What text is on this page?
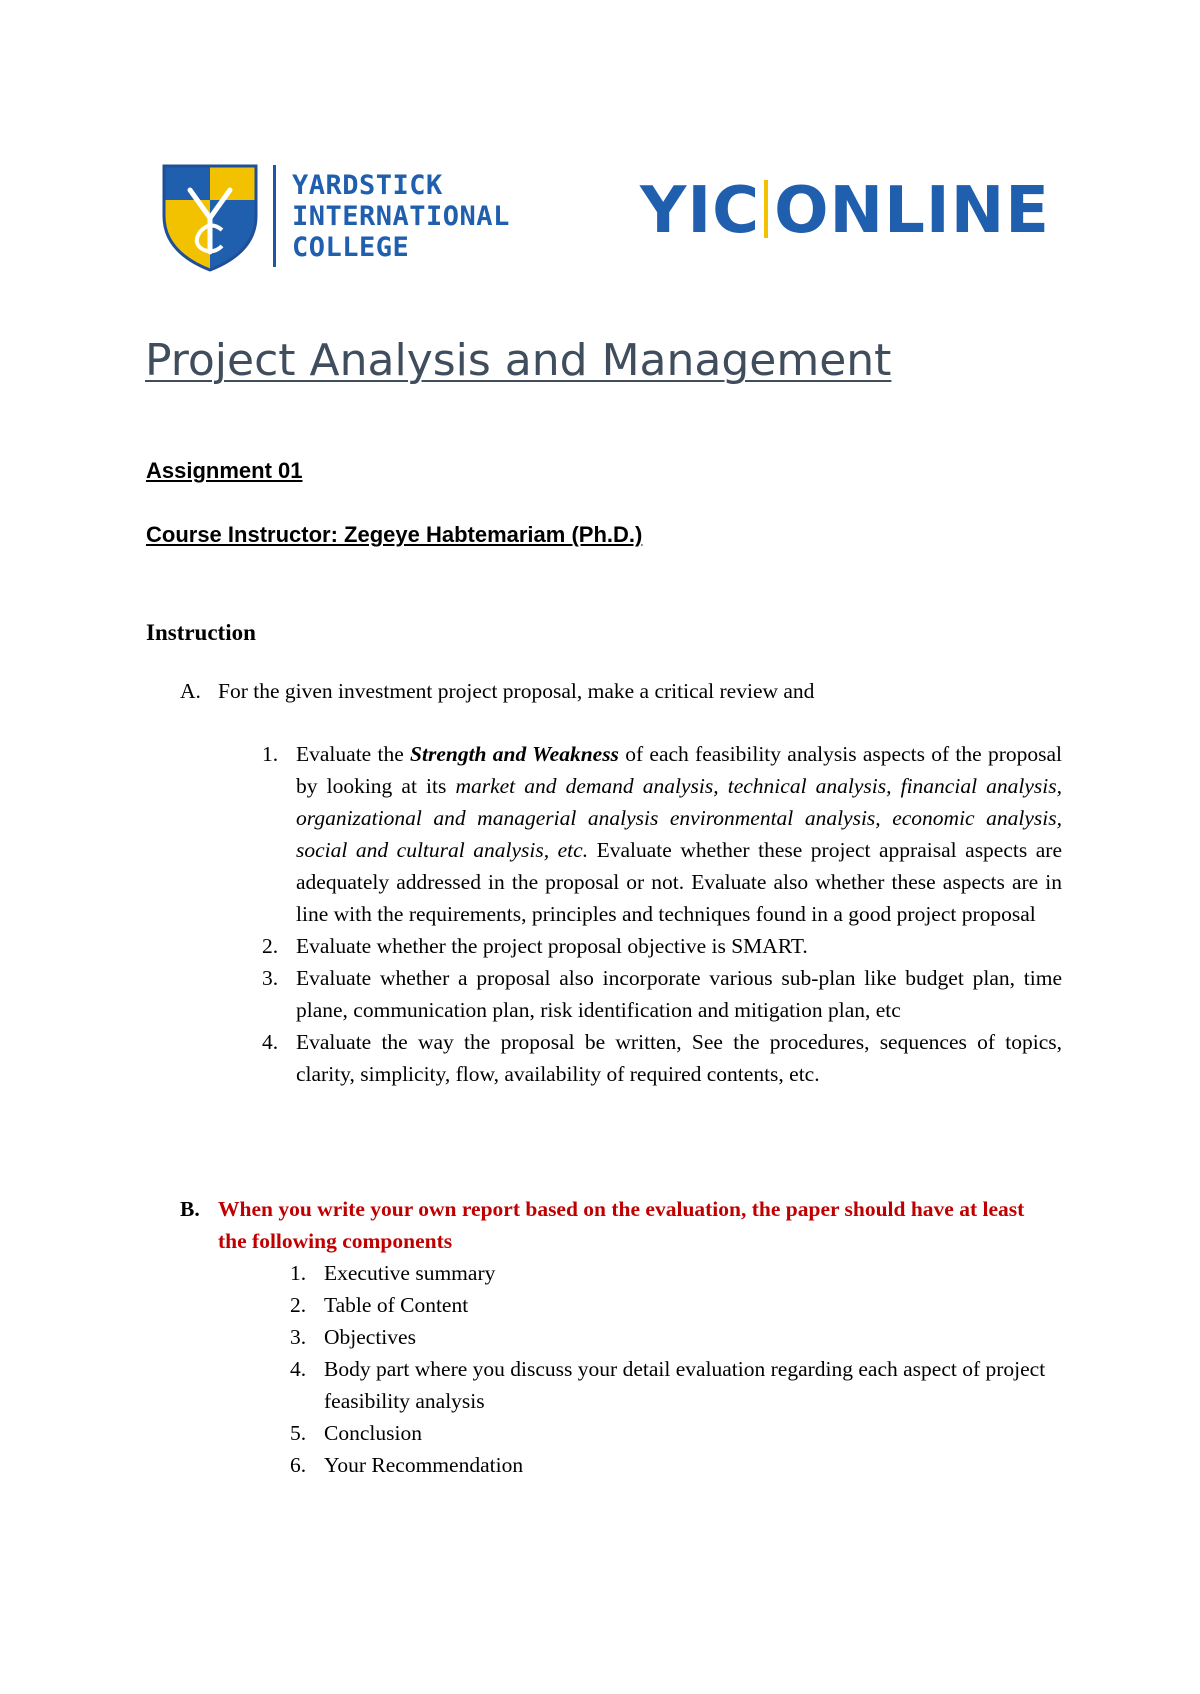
YARDSTICK
INTERNATIONAL
COLLEGE	YIC ONLINE
Project Analysis and Management
Assignment 01
Course Instructor: Zegeye Habtemariam (Ph.D.)
Instruction
A. For the given investment project proposal, make a critical review and
1. Evaluate the Strength and Weakness of each feasibility analysis aspects of the proposal by looking at its market and demand analysis, technical analysis, financial analysis, organizational and managerial analysis environmental analysis, economic analysis, social and cultural analysis, etc. Evaluate whether these project appraisal aspects are adequately addressed in the proposal or not. Evaluate also whether these aspects are in line with the requirements, principles and techniques found in a good project proposal
2. Evaluate whether the project proposal objective is SMART.
3. Evaluate whether a proposal also incorporate various sub-plan like budget plan, time plane, communication plan, risk identification and mitigation plan, etc
4. Evaluate the way the proposal be written, See the procedures, sequences of topics, clarity, simplicity, flow, availability of required contents, etc.
B. When you write your own report based on the evaluation, the paper should have at least the following components
1. Executive summary
2. Table of Content
3. Objectives
4. Body part where you discuss your detail evaluation regarding each aspect of project feasibility analysis
5. Conclusion
6. Your Recommendation
